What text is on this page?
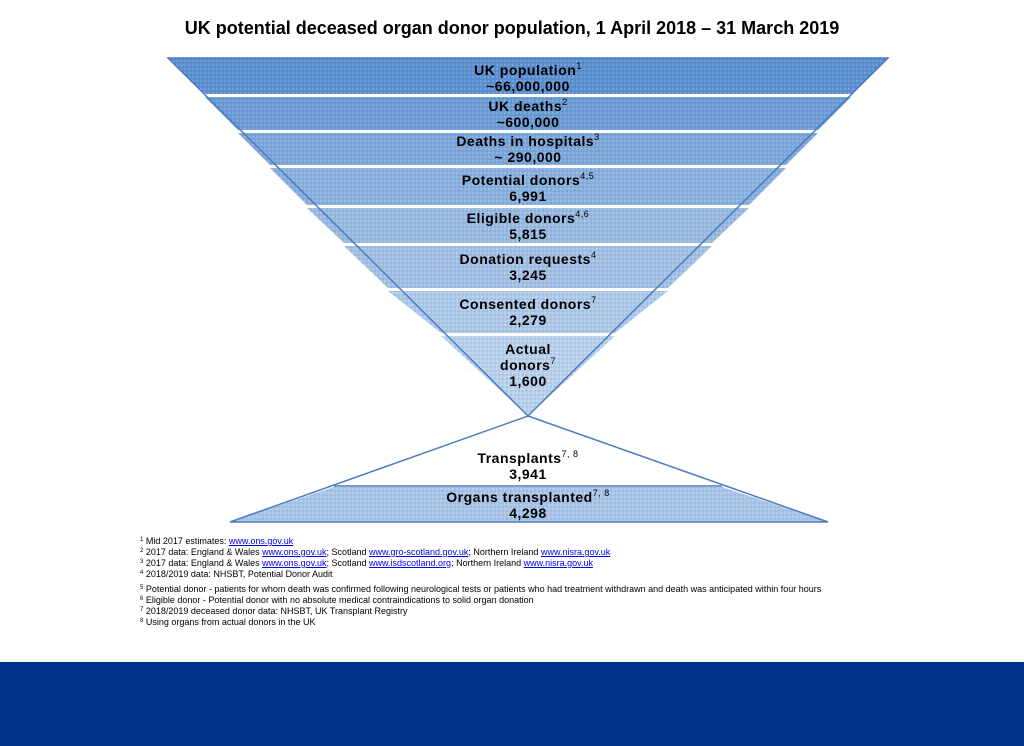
UK potential deceased organ donor population, 1 April 2018 – 31 March 2019
UK population$^1$
~66,000,000
UK deaths$^2$
~600,000
Deaths in hospitals$^3$
~ 290,000
Potential donors$^{4,5}$
6,991
Eligible donors$^{4,6}$
5,815
Donation requests$^4$
3,245
Consented donors$^7$
2,279
Actual
donors$^7$
1,600
Transplants$^{7, 8}$
3,941
Organs transplanted$^{7, 8}$
4,298
$^1$ Mid 2017 estimates: www.ons.gov.uk
$^2$ 2017 data: England & Wales www.ons.gov.uk; Scotland www.gro-scotland.gov.uk; Northern Ireland www.nisra.gov.uk
$^3$ 2017 data: England & Wales www.ons.gov.uk; Scotland www.isdscotland.org; Northern Ireland www.nisra.gov.uk
$^4$ 2018/2019 data: NHSBT, Potential Donor Audit
$^5$ Potential donor - patients for whom death was confirmed following neurological tests or patients who had treatment withdrawn and death was anticipated within four hours
$^6$ Eligible donor - Potential donor with no absolute medical contraindications to solid organ donation
$^7$ 2018/2019 deceased donor data: NHSBT, UK Transplant Registry
$^8$ Using organs from actual donors in the UK
